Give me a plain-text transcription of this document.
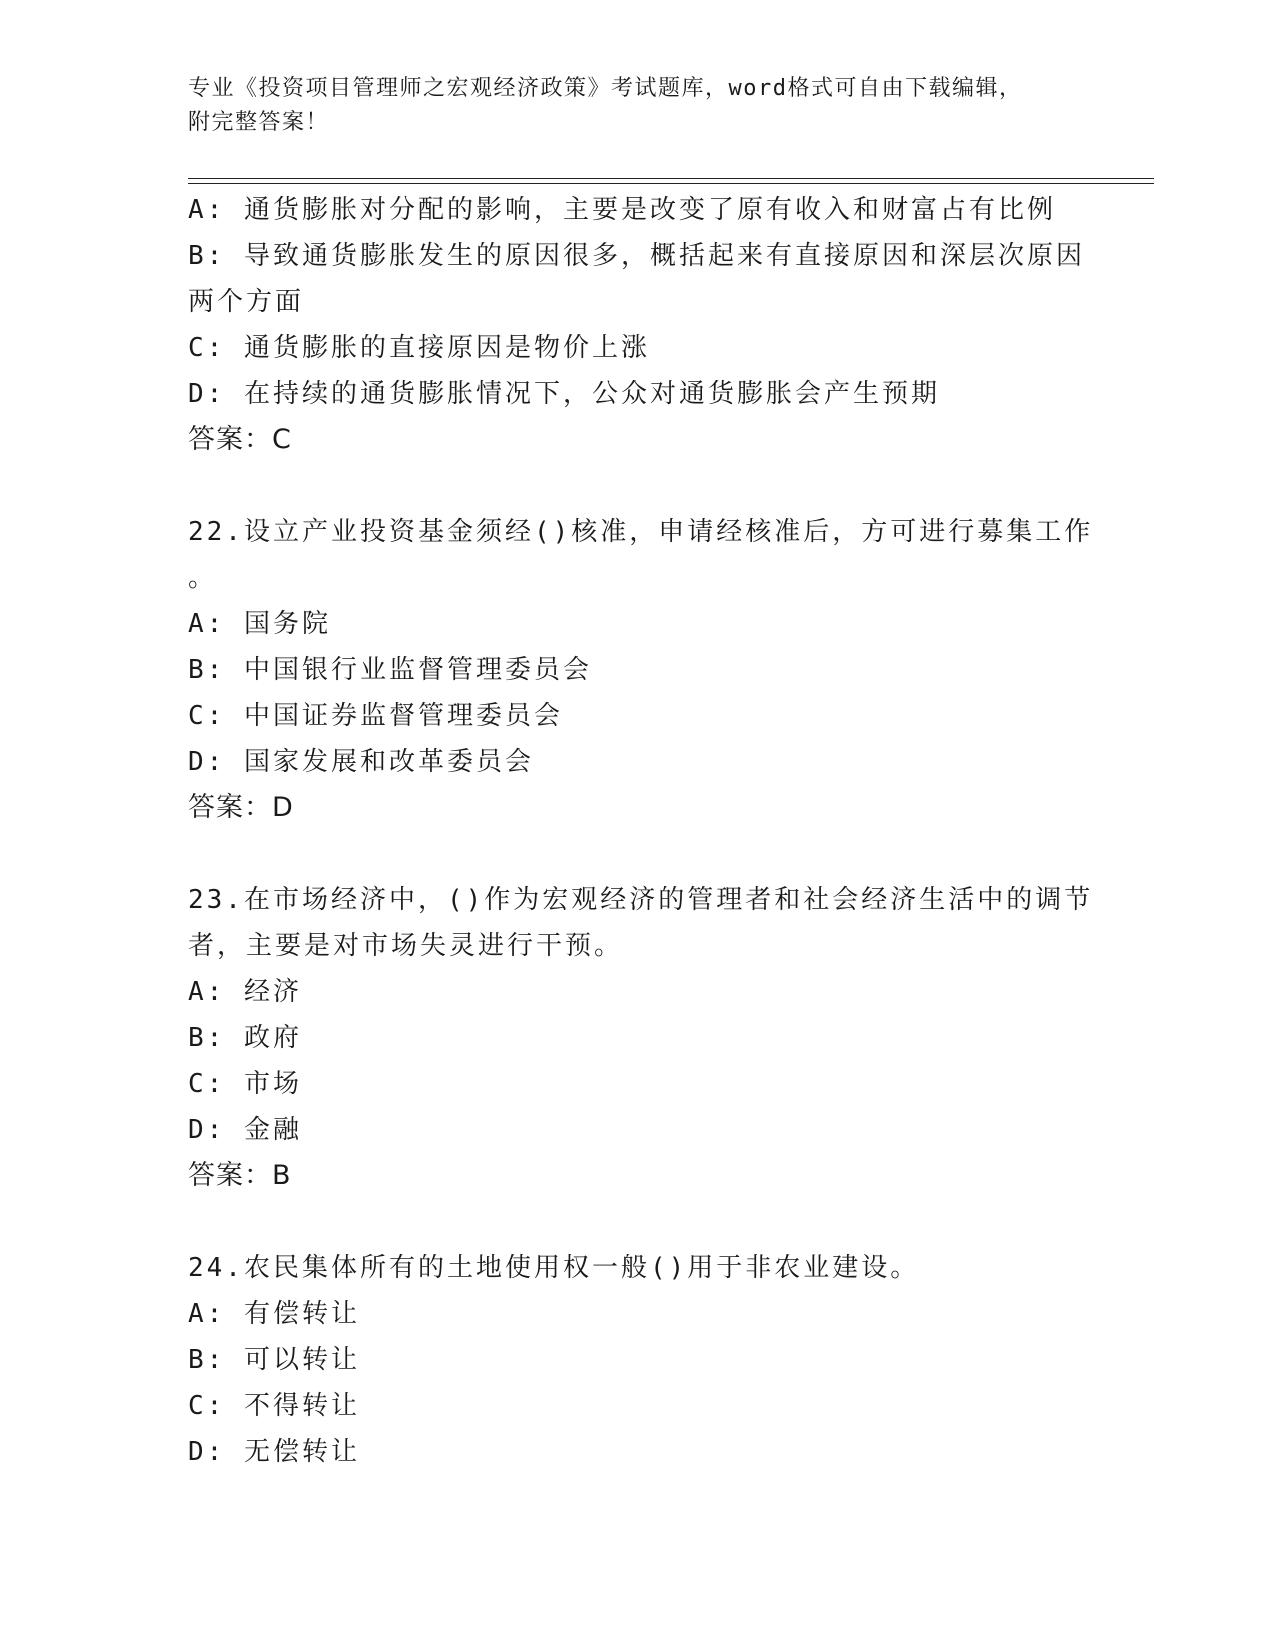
专业《投资项目管理师之宏观经济政策》考试题库，word格式可自由下载编辑，
附完整答案！
A: 通货膨胀对分配的影响，主要是改变了原有收入和财富占有比例
B: 导致通货膨胀发生的原因很多，概括起来有直接原因和深层次原因
两个方面
C: 通货膨胀的直接原因是物价上涨
D: 在持续的通货膨胀情况下，公众对通货膨胀会产生预期
答案：C
22.设立产业投资基金须经()核准，申请经核准后，方可进行募集工作
。
A: 国务院
B: 中国银行业监督管理委员会
C: 中国证券监督管理委员会
D: 国家发展和改革委员会
答案：D
23.在市场经济中，()作为宏观经济的管理者和社会经济生活中的调节
者，主要是对市场失灵进行干预。
A: 经济
B: 政府
C: 市场
D: 金融
答案：B
24.农民集体所有的土地使用权一般()用于非农业建设。
A: 有偿转让
B: 可以转让
C: 不得转让
D: 无偿转让
